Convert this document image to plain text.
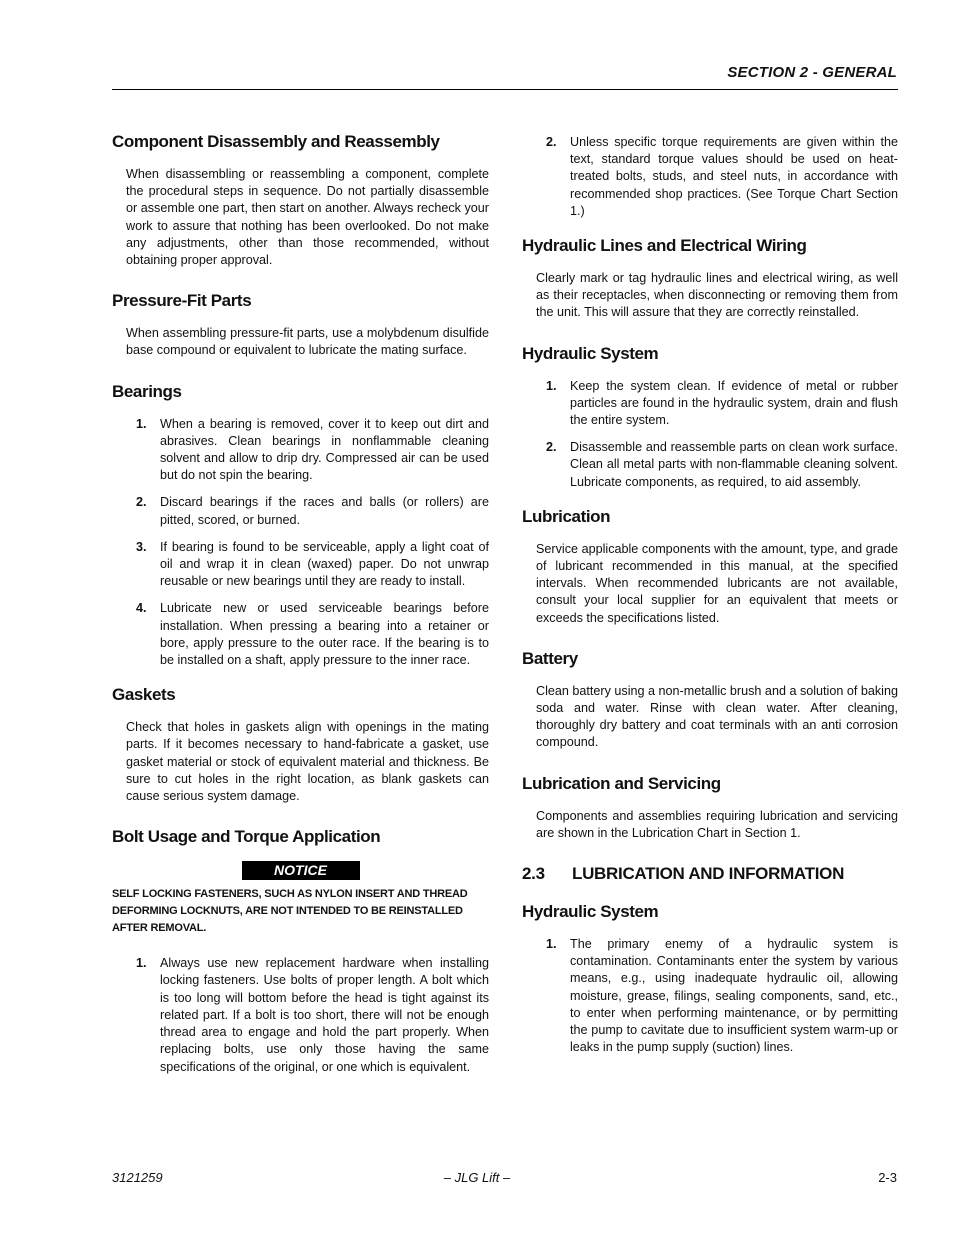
SECTION 2 - GENERAL
Component Disassembly and Reassembly

When disassembling or reassembling a component, complete the procedural steps in sequence. Do not partially disassemble or assemble one part, then start on another. Always recheck your work to assure that nothing has been overlooked. Do not make any adjustments, other than those recommended, without obtaining proper approval.

Pressure-Fit Parts

When assembling pressure-fit parts, use a molybdenum disulfide base compound or equivalent to lubricate the mating surface.

Bearings
1.	When a bearing is removed, cover it to keep out dirt and abrasives. Clean bearings in nonflammable cleaning solvent and allow to drip dry. Compressed air can be used but do not spin the bearing.
2.	Discard bearings if the races and balls (or rollers) are pitted, scored, or burned.
3.	If bearing is found to be serviceable, apply a light coat of oil and wrap it in clean (waxed) paper. Do not unwrap reusable or new bearings until they are ready to install.
4.	Lubricate new or used serviceable bearings before installation. When pressing a bearing into a retainer or bore, apply pressure to the outer race. If the bearing is to be installed on a shaft, apply pressure to the inner race.
Gaskets

Check that holes in gaskets align with openings in the mating parts. If it becomes necessary to hand-fabricate a gasket, use gasket material or stock of equivalent material and thickness. Be sure to cut holes in the right location, as blank gaskets can cause serious system damage.

Bolt Usage and Torque Application
NOTICE

SELF LOCKING FASTENERS, SUCH AS NYLON INSERT AND THREAD DEFORMING LOCKNUTS, ARE NOT INTENDED TO BE REINSTALLED AFTER REMOVAL.

1.	Always use new replacement hardware when installing locking fasteners. Use bolts of proper length. A bolt which is too long will bottom before the head is tight against its related part. If a bolt is too short, there will not be enough thread area to engage and hold the part properly. When replacing bolts, use only those having the same specifications of the original, or one which is equivalent.
2.	Unless specific torque requirements are given within the text, standard torque values should be used on heat-treated bolts, studs, and steel nuts, in accordance with recommended shop practices. (See Torque Chart Section 1.)
Hydraulic Lines and Electrical Wiring

Clearly mark or tag hydraulic lines and electrical wiring, as well as their receptacles, when disconnecting or removing them from the unit. This will assure that they are correctly reinstalled.

Hydraulic System
1.	Keep the system clean. If evidence of metal or rubber particles are found in the hydraulic system, drain and flush the entire system.
2.	Disassemble and reassemble parts on clean work surface. Clean all metal parts with non-flammable cleaning solvent. Lubricate components, as required, to aid assembly.
Lubrication

Service applicable components with the amount, type, and grade of lubricant recommended in this manual, at the specified intervals. When recommended lubricants are not available, consult your local supplier for an equivalent that meets or exceeds the specifications listed.

Battery

Clean battery using a non-metallic brush and a solution of baking soda and water. Rinse with clean water. After cleaning, thoroughly dry battery and coat terminals with an anti corrosion compound.

Lubrication and Servicing

Components and assemblies requiring lubrication and servicing are shown in the Lubrication Chart in Section 1.

2.3	LUBRICATION AND INFORMATION
Hydraulic System
1.	The primary enemy of a hydraulic system is contamination. Contaminants enter the system by various means, e.g., using inadequate hydraulic oil, allowing moisture, grease, filings, sealing components, sand, etc., to enter when performing maintenance, or by permitting the pump to cavitate due to insufficient system warm-up or leaks in the pump supply (suction) lines.
– JLG Lift –
3121259	2-3
